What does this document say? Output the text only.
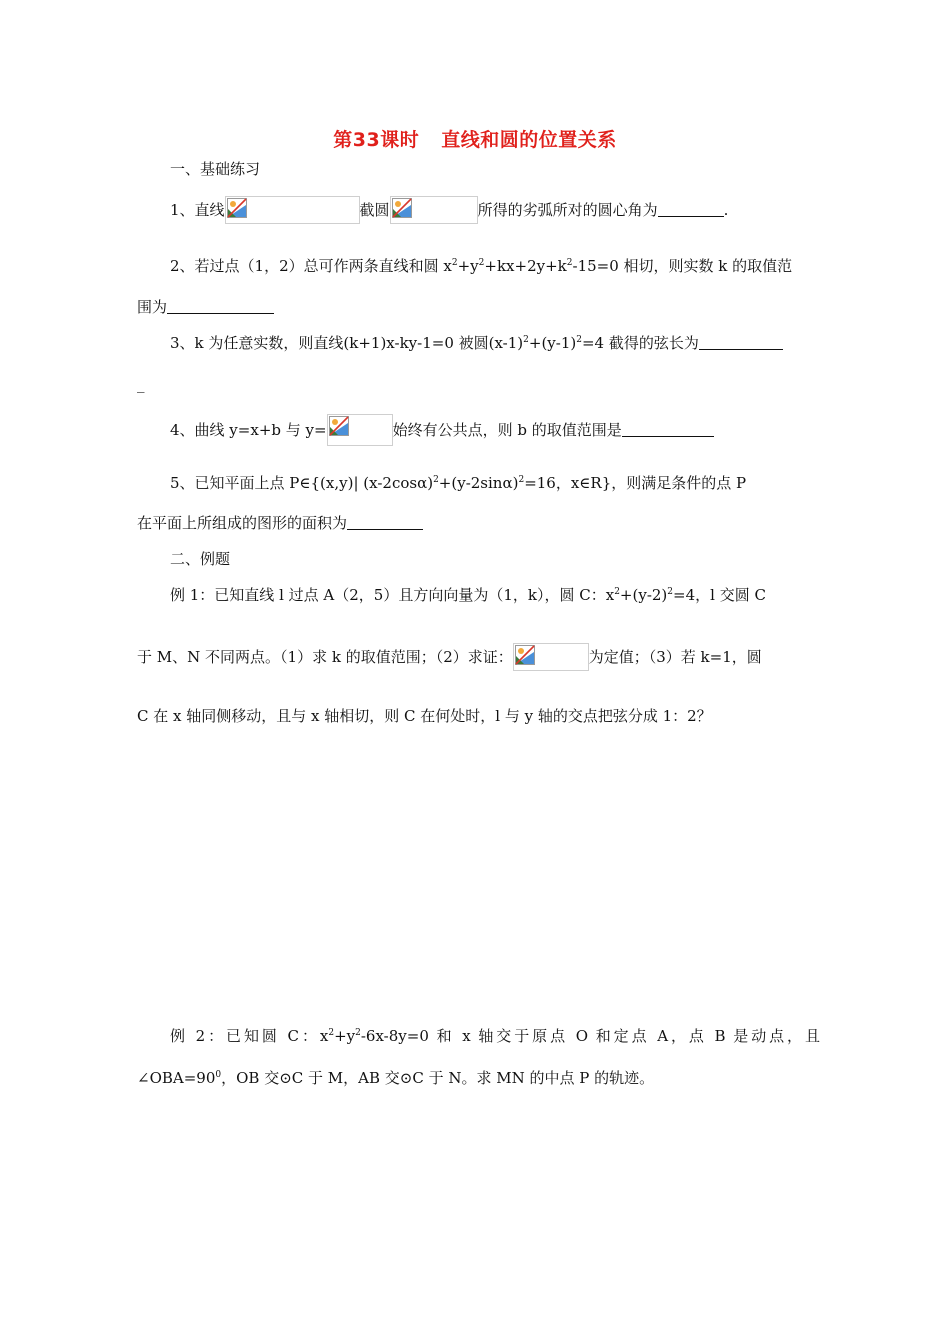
第33课时 直线和圆的位置关系
一、基础练习
1、直线	截圆	所得的劣弧所对的圆心角为	.
2、若过点（1，2）总可作两条直线和圆 $x^2+y^2+kx+2y+k^2-15=0$ 相切，则实数 k 的取值范
围为
3、k 为任意实数，则直线(k+1)x-ky-1=0 被圆$(x-1)^2+(y-1)^2=4$ 截得的弦长为
_
4、曲线 y=x+b 与 y=	始终有公共点，则 b 的取值范围是
5、已知平面上点 P∈{(x,y)| $(x-2\cos\alpha)^2+(y-2\sin\alpha)^2=16$，x∈R}，则满足条件的点 P
在平面上所组成的图形的面积为
二、例题
例 1：已知直线 l 过点 A（2，5）且方向向量为（1，k），圆 C：$x^2+(y-2)^2=4$，l 交圆 C
于 M、N 不同两点。（1）求 k 的取值范围；（2）求证：	为定值；（3）若 k=1，圆
C 在 x 轴同侧移动，且与 x 轴相切，则 C 在何处时，l 与 y 轴的交点把弦分成 1：2？
例 2：已知圆 C：$x^2+y^2-6x-8y=0$ 和 x 轴交于原点 O 和定点 A，点 B 是动点，且
$\angle OBA=90^0$，OB 交⊙C 于 M，AB 交⊙C 于 N。求 MN 的中点 P 的轨迹。
